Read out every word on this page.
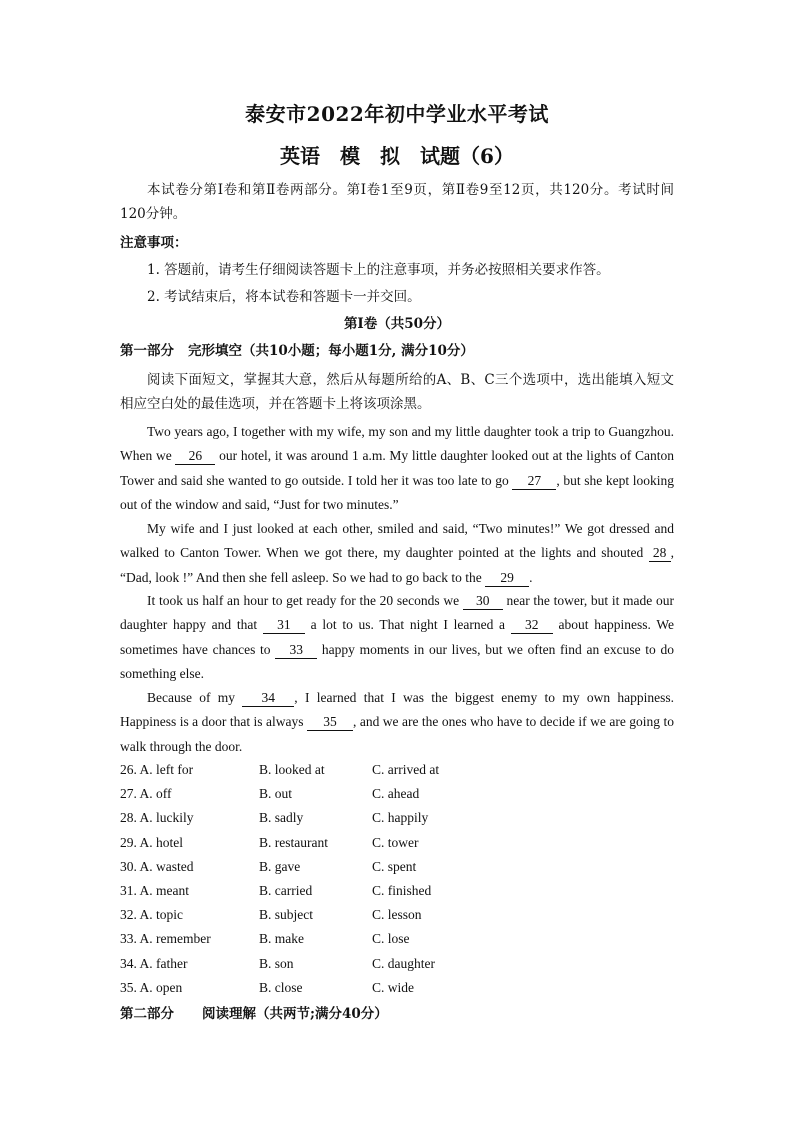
泰安市2022年初中学业水平考试
英语　模　拟　试题（6）
本试卷分第Ⅰ卷和第Ⅱ卷两部分。第Ⅰ卷1至9页，第Ⅱ卷9至12页，共120分。考试时间120分钟。
注意事项：
1. 答题前，请考生仔细阅读答题卡上的注意事项，并务必按照相关要求作答。
2. 考试结束后，将本试卷和答题卡一并交回。
第Ⅰ卷（共50分）
第一部分 完形填空（共10小题；每小题1分, 满分10分）
阅读下面短文，掌握其大意，然后从每题所给的A、B、C三个选项中，选出能填入短文相应空白处的最佳选项，并在答题卡上将该项涂黑。
Two years ago, I together with my wife, my son and my little daughter took a trip to Guangzhou. When we 26 our hotel, it was around 1 a.m. My little daughter looked out at the lights of Canton Tower and said she wanted to go outside. I told her it was too late to go 27 , but she kept looking out of the window and said, “Just for two minutes.”
My wife and I just looked at each other, smiled and said, “Two minutes!” We got dressed and walked to Canton Tower. When we got there, my daughter pointed at the lights and shouted 28 , “Dad, look !” And then she fell asleep. So we had to go back to the 29 .
It took us half an hour to get ready for the 20 seconds we 30 near the tower, but it made our daughter happy and that 31 a lot to us. That night I learned a 32 about happiness. We sometimes have chances to 33 happy moments in our lives, but we often find an excuse to do something else.
Because of my 34 , I learned that I was the biggest enemy to my own happiness. Happiness is a door that is always 35 , and we are the ones who have to decide if we are going to walk through the door.
26. A. left for	B. looked at	C. arrived at
27. A. off	B. out	C. ahead
28. A. luckily	B. sadly	C. happily
29. A. hotel	B. restaurant	C. tower
30. A. wasted	B. gave	C. spent
31. A. meant	B. carried	C. finished
32. A. topic	B. subject	C. lesson
33. A. remember	B. make	C. lose
34. A. father	B. son	C. daughter
35. A. open	B. close	C. wide
第二部分 阅读理解（共两节;满分40分）
